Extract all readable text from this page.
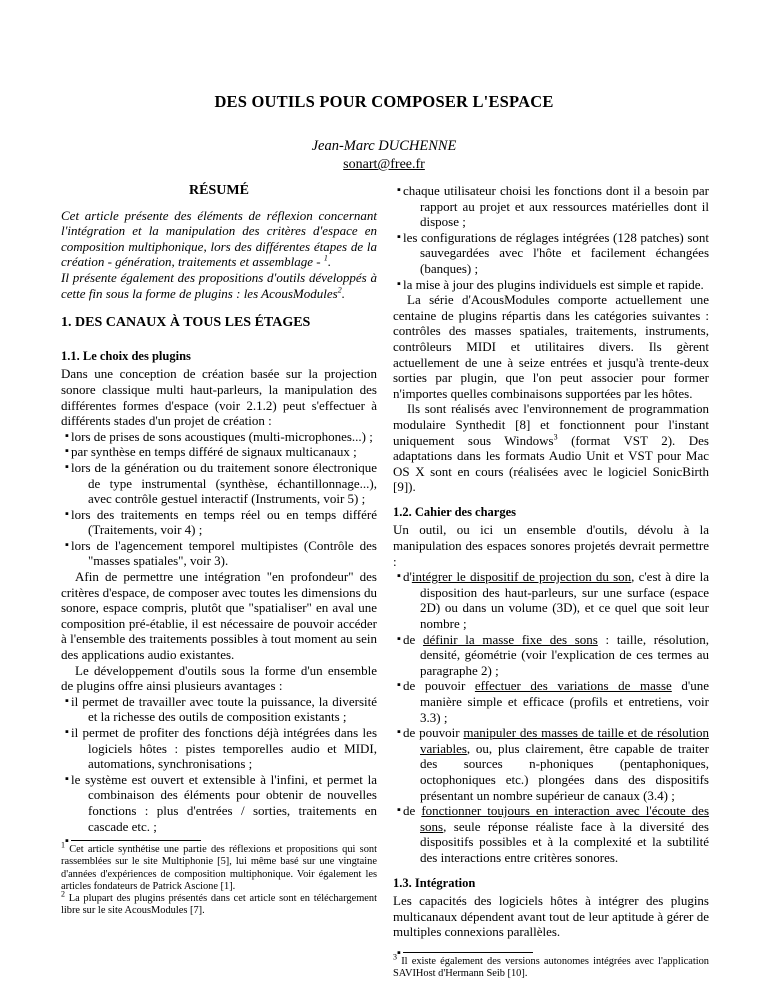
DES OUTILS POUR COMPOSER L'ESPACE
Jean-Marc DUCHENNE
sonart@free.fr
RÉSUMÉ

Cet article présente des éléments de réflexion concernant l'intégration et la manipulation des critères d'espace en composition multiphonique, lors des différentes étapes de la création - génération, traitements et assemblage - $^1$.

Il présente également des propositions d'outils développés à cette fin sous la forme de plugins : les AcousModules$^2$.

1. DES CANAUX À TOUS LES ÉTAGES
1.1. Le choix des plugins

Dans une conception de création basée sur la projection sonore classique multi haut-parleurs, la manipulation des différentes formes d'espace (voir 2.1.2) peut s'effectuer à différents stades d'un projet de création :

▪ lors de prises de sons acoustiques (multi-microphones...) ;
▪ par synthèse en temps différé de signaux multicanaux ;
▪ lors de la génération ou du traitement sonore électronique de type instrumental (synthèse, échantillonnage...), avec contrôle gestuel interactif (Instruments, voir 5) ;
▪ lors des traitements en temps réel ou en temps différé (Traitements, voir 4) ;
▪ lors de l'agencement temporel multipistes (Contrôle des "masses spatiales", voir 3).

Afin de permettre une intégration "en profondeur" des critères d'espace, de composer avec toutes les dimensions du sonore, espace compris, plutôt que "spatialiser" en aval une composition pré-établie, il est nécessaire de pouvoir accéder à l'ensemble des traitements possibles à tout moment au sein des applications audio existantes.

Le développement d'outils sous la forme d'un ensemble de plugins offre ainsi plusieurs avantages :

▪ il permet de travailler avec toute la puissance, la diversité et la richesse des outils de composition existants ;
▪ il permet de profiter des fonctions déjà intégrées dans les logiciels hôtes : pistes temporelles audio et MIDI, automations, synchronisations ;
▪ le système est ouvert et extensible à l'infini, et permet la combinaison des éléments pour obtenir de nouvelles fonctions : plus d'entrées / sorties, traitements en cascade etc. ;
▪

$^1$ Cet article synthétise une partie des réflexions et propositions qui sont rassemblées sur le site Multiphonie [5], lui même basé sur une vingtaine d'années d'expériences de composition multiphonique. Voir également les articles fondateurs de Patrick Ascione [1].

$^2$ La plupart des plugins présentés dans cet article sont en téléchargement libre sur le site AcousModules [7].

▪ chaque utilisateur choisi les fonctions dont il a besoin par rapport au projet et aux ressources matérielles dont il dispose ;
▪ les configurations de réglages intégrées (128 patches) sont sauvegardées avec l'hôte et facilement échangées (banques) ;
▪ la mise à jour des plugins individuels est simple et rapide.

La série d'AcousModules comporte actuellement une centaine de plugins répartis dans les catégories suivantes : contrôles des masses spatiales, traitements, instruments, contrôleurs MIDI et utilitaires divers. Ils gèrent actuellement de une à seize entrées et jusqu'à trente-deux sorties par plugin, que l'on peut associer pour former n'importes quelles combinaisons supportées par les hôtes.

Ils sont réalisés avec l'environnement de programmation modulaire Synthedit [8] et fonctionnent pour l'instant uniquement sous Windows$^3$ (format VST 2). Des adaptations dans les formats Audio Unit et VST pour Mac OS X sont en cours (réalisées avec le logiciel SonicBirth [9]).

1.2. Cahier des charges

Un outil, ou ici un ensemble d'outils, dévolu à la manipulation des espaces sonores projetés devrait permettre :

▪ d'intégrer le dispositif de projection du son, c'est à dire la disposition des haut-parleurs, sur une surface (espace 2D) ou dans un volume (3D), et ce quel que soit leur nombre ;
▪ de définir la masse fixe des sons : taille, résolution, densité, géométrie (voir l'explication de ces termes au paragraphe 2) ;
▪ de pouvoir effectuer des variations de masse d'une manière simple et efficace (profils et entretiens, voir 3.3) ;
▪ de pouvoir manipuler des masses de taille et de résolution variables, ou, plus clairement, être capable de traiter des sources n-phoniques (pentaphoniques, octophoniques etc.) plongées dans des dispositifs présentant un nombre supérieur de canaux (3.4) ;
▪ de fonctionner toujours en interaction avec l'écoute des sons, seule réponse réaliste face à la diversité des dispositifs possibles et à la complexité et la subtilité des interactions entre critères sonores.
1.3. Intégration

Les capacités des logiciels hôtes à intégrer des plugins multicanaux dépendent avant tout de leur aptitude à gérer de multiples connexions parallèles.

▪

$^3$ Il existe également des versions autonomes intégrées avec l'application SAVIHost d'Hermann Seib [10].
